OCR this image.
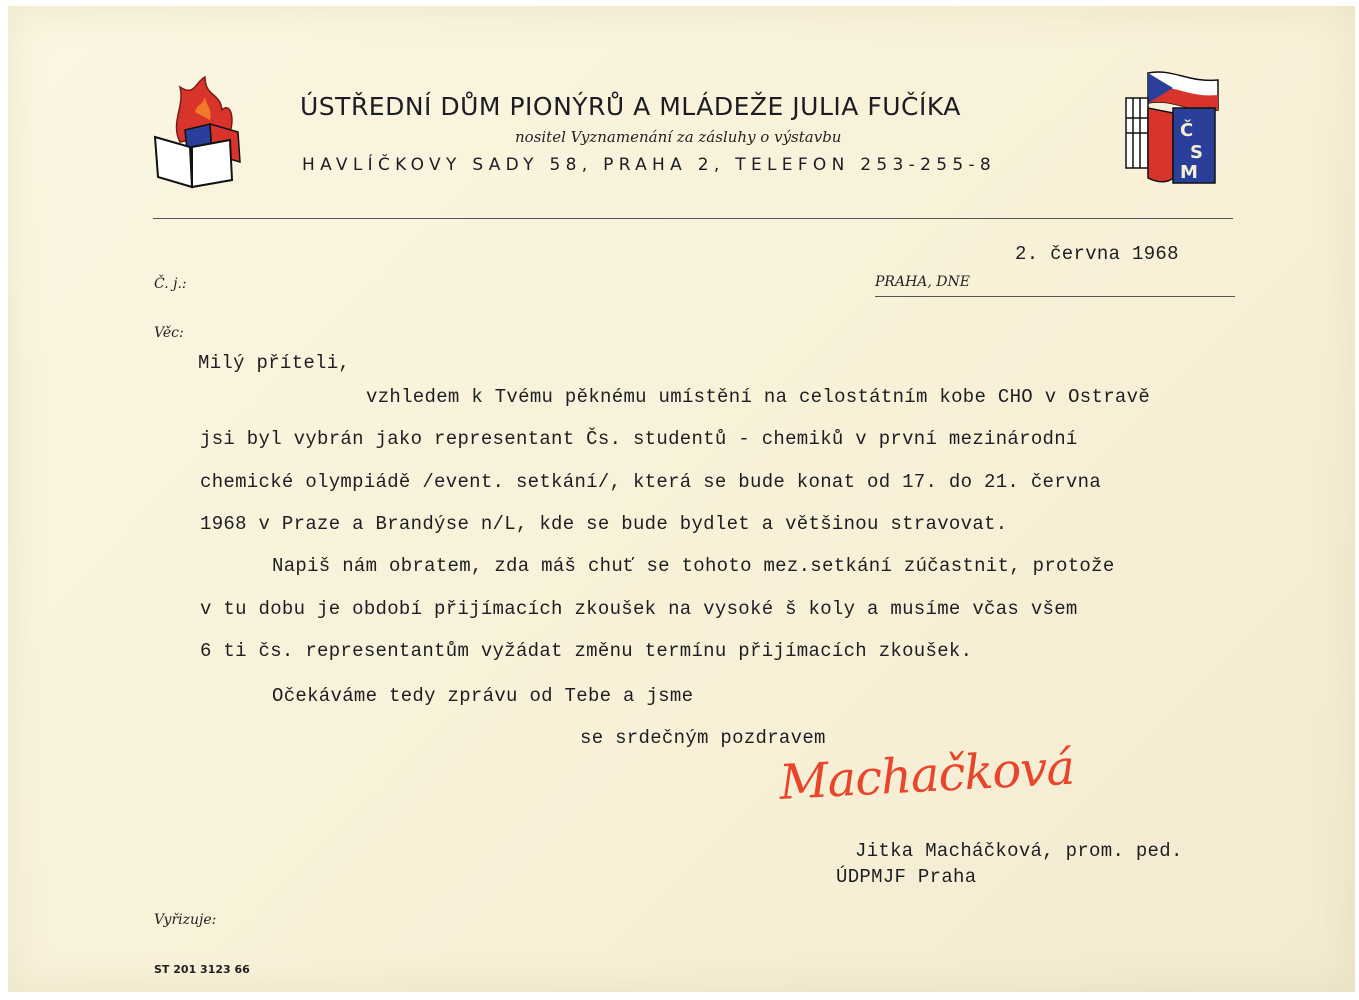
ÚSTŘEDNÍ DŮM PIONÝRŮ A MLÁDEŽE JULIA FUČÍKA
nositel Vyznamenání za zásluhy o výstavbu
HAVLÍČKOVY SADY 58, PRAHA 2, TELEFON 253-255-8
Č
S
M
Č. j.:
2. června 1968
PRAHA, DNE
Věc:
Milý příteli,
vzhledem k Tvému pěknému umístění na celostátním kobe CHO v Ostravě
jsi byl vybrán jako representant Čs. studentů - chemiků v první mezinárodní
chemické olympiádě /event. setkání/, která se bude konat od 17. do 21. června
1968 v Praze a Brandýse n/L, kde se bude bydlet a většinou stravovat.
Napiš nám obratem, zda máš chuť se tohoto mez.setkání zúčastnit, protože
v tu dobu je období přijímacích zkoušek na vysoké š koly a musíme včas všem
6 ti čs. representantům vyžádat změnu termínu přijímacích zkoušek.
Očekáváme tedy zprávu od Tebe a jsme
se srdečným pozdravem
Machačková
Jitka Macháčková, prom. ped.
ÚDPMJF Praha
Vyřizuje:
ST 201 3123 66
